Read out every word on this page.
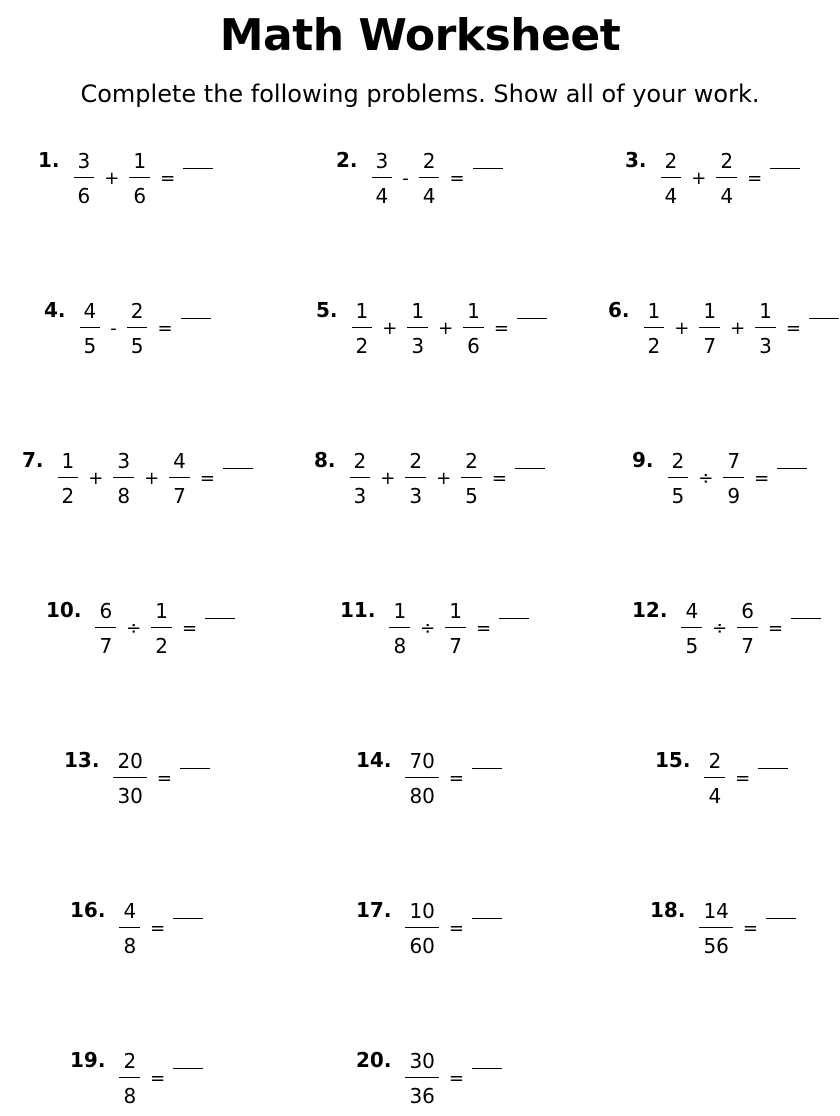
Math Worksheet
Complete the following problems. Show all of your work.
1. $\frac{3}{6} + \frac{1}{6}$ =
2. $\frac{3}{4} - \frac{2}{4}$ =
3. $\frac{2}{4} + \frac{2}{4}$ =
4. $\frac{4}{5} - \frac{2}{5}$ =
5. $\frac{1}{2} + \frac{1}{3} + \frac{1}{6}$ =
6. $\frac{1}{2} + \frac{1}{7} + \frac{1}{3}$ =
7. $\frac{1}{2} + \frac{3}{8} + \frac{4}{7}$ =
8. $\frac{2}{3} + \frac{2}{3} + \frac{2}{5}$ =
9. $\frac{2}{5} \div \frac{7}{9}$ =
10. $\frac{6}{7} \div \frac{1}{2}$ =
11. $\frac{1}{8} \div \frac{1}{7}$ =
12. $\frac{4}{5} \div \frac{6}{7}$ =
13. $\frac{20}{30}$ =
14. $\frac{70}{80}$ =
15. $\frac{2}{4}$ =
16. $\frac{4}{8}$ =
17. $\frac{10}{60}$ =
18. $\frac{14}{56}$ =
19. $\frac{2}{8}$ =
20. $\frac{30}{36}$ =
